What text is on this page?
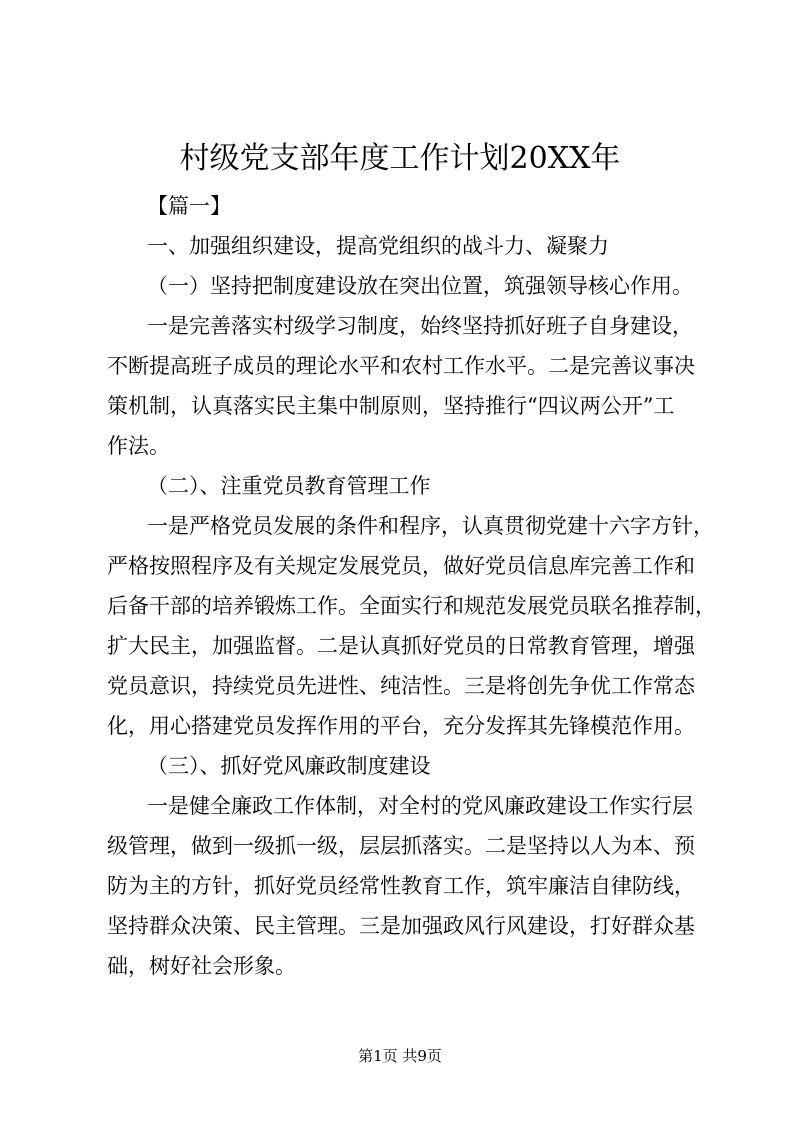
村级党支部年度工作计划20XX年

【篇一】

一、加强组织建设，提高党组织的战斗力、凝聚力

（一）坚持把制度建设放在突出位置，筑强领导核心作用。

一是完善落实村级学习制度，始终坚持抓好班子自身建设，

不断提高班子成员的理论水平和农村工作水平。二是完善议事决

策机制，认真落实民主集中制原则，坚持推行“四议两公开”工

作法。

（二）、注重党员教育管理工作

一是严格党员发展的条件和程序，认真贯彻党建十六字方针，

严格按照程序及有关规定发展党员，做好党员信息库完善工作和

后备干部的培养锻炼工作。全面实行和规范发展党员联名推荐制，

扩大民主，加强监督。二是认真抓好党员的日常教育管理，增强

党员意识，持续党员先进性、纯洁性。三是将创先争优工作常态

化，用心搭建党员发挥作用的平台，充分发挥其先锋模范作用。

（三）、抓好党风廉政制度建设

一是健全廉政工作体制，对全村的党风廉政建设工作实行层

级管理，做到一级抓一级，层层抓落实。二是坚持以人为本、预

防为主的方针，抓好党员经常性教育工作，筑牢廉洁自律防线，

坚持群众决策、民主管理。三是加强政风行风建设，打好群众基

础，树好社会形象。

第1页 共9页
